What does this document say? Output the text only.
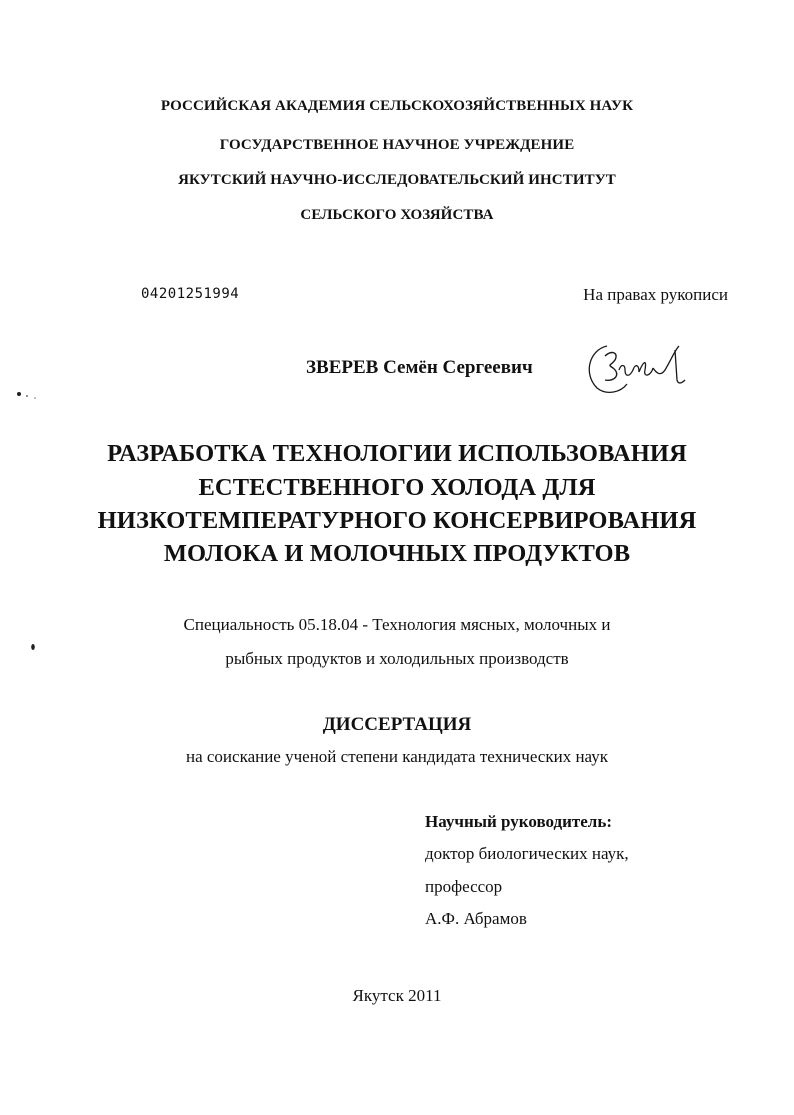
РОССИЙСКАЯ АКАДЕМИЯ СЕЛЬСКОХОЗЯЙСТВЕННЫХ НАУК
ГОСУДАРСТВЕННОЕ НАУЧНОЕ УЧРЕЖДЕНИЕ
ЯКУТСКИЙ НАУЧНО-ИССЛЕДОВАТЕЛЬСКИЙ ИНСТИТУТ
СЕЛЬСКОГО ХОЗЯЙСТВА
04201251994	На правах рукописи
ЗВЕРЕВ Семён Сергеевич
РАЗРАБОТКА ТЕХНОЛОГИИ ИСПОЛЬЗОВАНИЯ
ЕСТЕСТВЕННОГО ХОЛОДА ДЛЯ
НИЗКОТЕМПЕРАТУРНОГО КОНСЕРВИРОВАНИЯ
МОЛОКА И МОЛОЧНЫХ ПРОДУКТОВ
Специальность 05.18.04 - Технология мясных, молочных и
рыбных продуктов и холодильных производств
ДИССЕРТАЦИЯ
на соискание ученой степени кандидата технических наук
Научный руководитель:
доктор биологических наук,
профессор
А.Ф. Абрамов
Якутск 2011
